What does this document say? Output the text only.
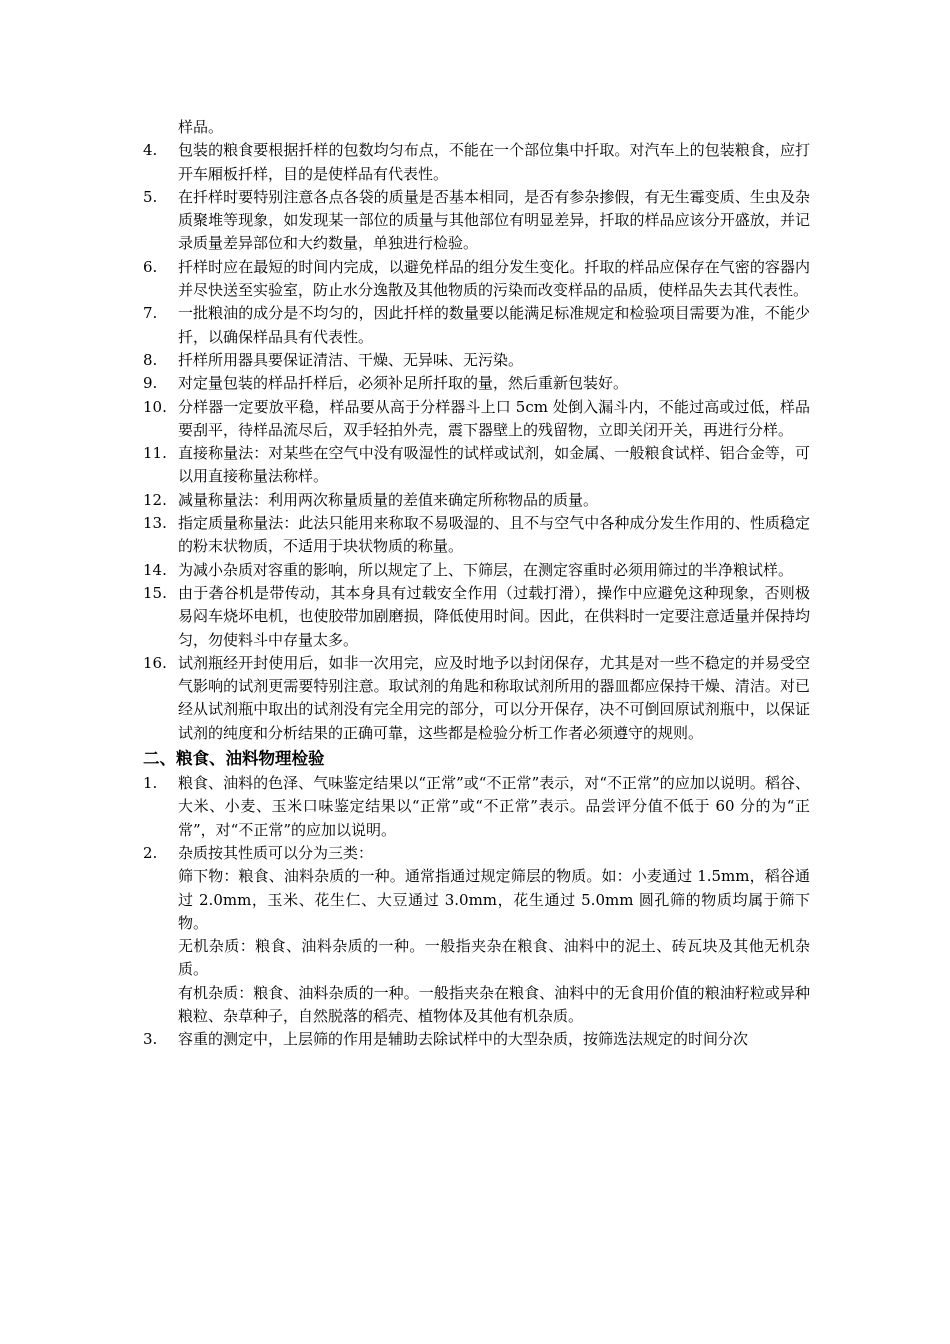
样品。

4. 包装的粮食要根据扦样的包数均匀布点，不能在一个部位集中扦取。对汽车上的包装粮食，应打开车厢板扦样，目的是使样品有代表性。

5. 在扦样时要特别注意各点各袋的质量是否基本相同，是否有参杂掺假，有无生霉变质、生虫及杂质聚堆等现象，如发现某一部位的质量与其他部位有明显差异，扦取的样品应该分开盛放，并记录质量差异部位和大约数量，单独进行检验。

6. 扦样时应在最短的时间内完成，以避免样品的组分发生变化。扦取的样品应保存在气密的容器内并尽快送至实验室，防止水分逸散及其他物质的污染而改变样品的品质，使样品失去其代表性。

7. 一批粮油的成分是不均匀的，因此扦样的数量要以能满足标准规定和检验项目需要为准，不能少扦，以确保样品具有代表性。

8. 扦样所用器具要保证清洁、干燥、无异味、无污染。

9. 对定量包装的样品扦样后，必须补足所扦取的量，然后重新包装好。

10. 分样器一定要放平稳，样品要从高于分样器斗上口 5cm 处倒入漏斗内，不能过高或过低，样品要刮平，待样品流尽后，双手轻拍外壳，震下器壁上的残留物，立即关闭开关，再进行分样。

11. 直接称量法：对某些在空气中没有吸湿性的试样或试剂，如金属、一般粮食试样、铝合金等，可以用直接称量法称样。

12. 减量称量法：利用两次称量质量的差值来确定所称物品的质量。

13. 指定质量称量法：此法只能用来称取不易吸湿的、且不与空气中各种成分发生作用的、性质稳定的粉末状物质，不适用于块状物质的称量。

14. 为减小杂质对容重的影响，所以规定了上、下筛层，在测定容重时必须用筛过的半净粮试样。

15. 由于砻谷机是带传动，其本身具有过载安全作用（过载打滑），操作中应避免这种现象，否则极易闷车烧坏电机，也使胶带加剧磨损，降低使用时间。因此，在供料时一定要注意适量并保持均匀，勿使料斗中存量太多。

16. 试剂瓶经开封使用后，如非一次用完，应及时地予以封闭保存，尤其是对一些不稳定的并易受空气影响的试剂更需要特别注意。取试剂的角匙和称取试剂所用的器皿都应保持干燥、清洁。对已经从试剂瓶中取出的试剂没有完全用完的部分，可以分开保存，决不可倒回原试剂瓶中，以保证试剂的纯度和分析结果的正确可靠，这些都是检验分析工作者必须遵守的规则。

二、粮食、油料物理检验

1. 粮食、油料的色泽、气味鉴定结果以“正常”或“不正常”表示，对“不正常”的应加以说明。稻谷、大米、小麦、玉米口味鉴定结果以“正常”或“不正常”表示。品尝评分值不低于 60 分的为“正常”，对“不正常”的应加以说明。

2. 杂质按其性质可以分为三类：

筛下物：粮食、油料杂质的一种。通常指通过规定筛层的物质。如：小麦通过 1.5mm，稻谷通过 2.0mm，玉米、花生仁、大豆通过 3.0mm，花生通过 5.0mm 圆孔筛的物质均属于筛下物。

无机杂质：粮食、油料杂质的一种。一般指夹杂在粮食、油料中的泥土、砖瓦块及其他无机杂质。

有机杂质：粮食、油料杂质的一种。一般指夹杂在粮食、油料中的无食用价值的粮油籽粒或异种粮粒、杂草种子，自然脱落的稻壳、植物体及其他有机杂质。

3. 容重的测定中，上层筛的作用是辅助去除试样中的大型杂质，按筛选法规定的时间分次
